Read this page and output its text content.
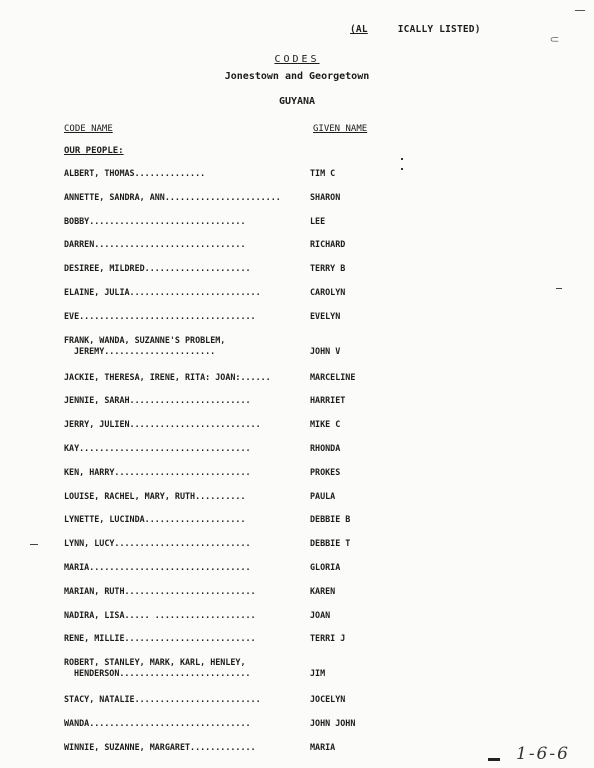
(AL	ICALLY LISTED)
CODES
Jonestown and Georgetown
GUYANA
CODE NAME	GIVEN NAME
OUR PEOPLE:
ALBERT, THOMAS..............	TIM C
ANNETTE, SANDRA, ANN.......................	SHARON
BOBBY...............................	LEE
DARREN..............................	RICHARD
DESIREE, MILDRED.....................	TERRY B
ELAINE, JULIA..........................	CAROLYN
EVE...................................	EVELYN
FRANK, WANDA, SUZANNE'S PROBLEM,
JEREMY......................	JOHN V
JACKIE, THERESA, IRENE, RITA: JOAN:......	MARCELINE
JENNIE, SARAH........................	HARRIET
JERRY, JULIEN..........................	MIKE C
KAY..................................	RHONDA
KEN, HARRY...........................	PROKES
LOUISE, RACHEL, MARY, RUTH..........	PAULA
LYNETTE, LUCINDA....................	DEBBIE B
LYNN, LUCY...........................	DEBBIE T
MARIA................................	GLORIA
MARIAN, RUTH..........................	KAREN
NADIRA, LISA..... ....................	JOAN
RENE, MILLIE..........................	TERRI J
ROBERT, STANLEY, MARK, KARL, HENLEY,
HENDERSON..........................	JIM
STACY, NATALIE.........................	JOCELYN
WANDA................................	JOHN JOHN
WINNIE, SUZANNE, MARGARET.............	MARIA
⸦
1-6-6
